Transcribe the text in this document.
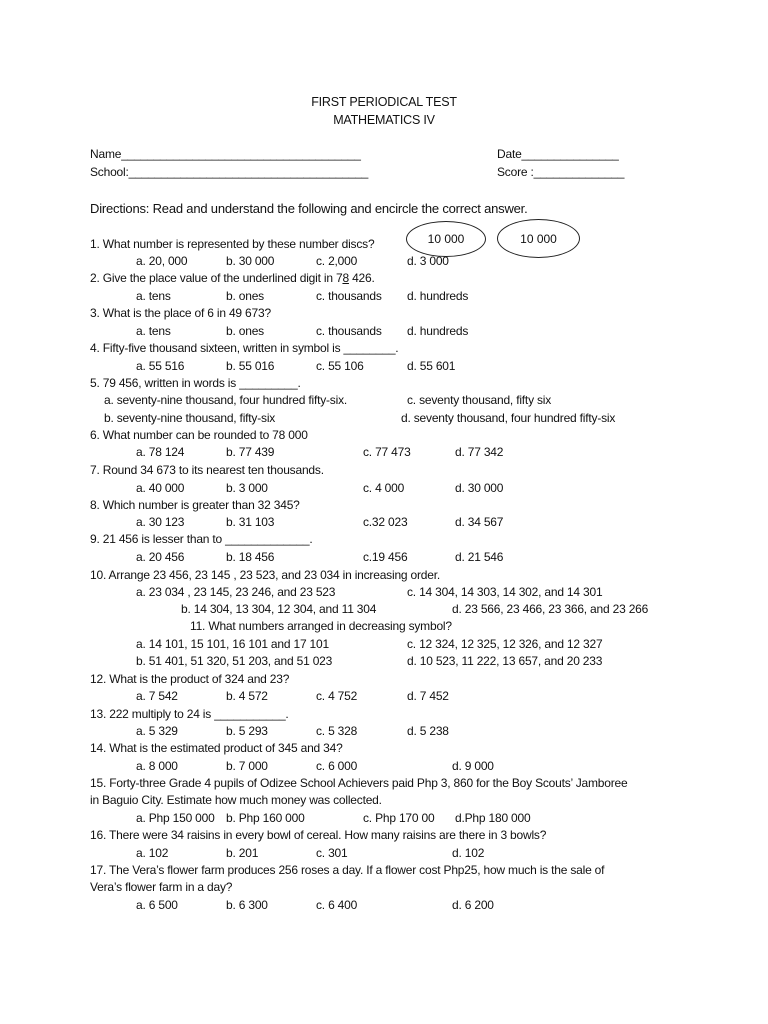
FIRST PERIODICAL TEST
MATHEMATICS IV
Name_____________________________________
School:_____________________________________
Date_______________
Score :______________
Directions: Read and understand the following and encircle the correct answer.
10 000	10 000
1. What number is represented by these number discs?
a. 20, 000	b. 30 000	c. 2,000	d. 3 000
2. Give the place value of the underlined digit in 78 426.
a. tens	b. ones	c. thousands d. hundreds
3. What is the place of 6 in 49 673?
a. tens	b. ones	c. thousands d. hundreds
4. Fifty-five thousand sixteen, written in symbol is ________.
a. 55 516	b. 55 016	c. 55 106	d. 55 601
5. 79 456, written in words is _________.
a. seventy-nine thousand, four hundred fifty-six.	c. seventy thousand, fifty six
b. seventy-nine thousand, fifty-six	d. seventy thousand, four hundred fifty-six
6. What number can be rounded to 78 000
a. 78 124	b. 77 439	c. 77 473	d. 77 342
7. Round 34 673 to its nearest ten thousands.
a. 40 000	b. 3 000	c. 4 000	d. 30 000
8. Which number is greater than 32 345?
a. 30 123	b. 31 103	c.32 023	d. 34 567
9. 21 456 is lesser than to _____________.
a. 20 456	b. 18 456	c.19 456	d. 21 546
10. Arrange 23 456, 23 145 , 23 523, and 23 034 in increasing order.
a. 23 034 , 23 145, 23 246, and 23 523	c. 14 304, 14 303, 14 302, and 14 301
b. 14 304, 13 304, 12 304, and 11 304	d. 23 566, 23 466, 23 366, and 23 266
11. What numbers arranged in decreasing symbol?
a. 14 101, 15 101, 16 101 and 17 101	c. 12 324, 12 325, 12 326, and 12 327
b. 51 401, 51 320, 51 203, and 51 023	d. 10 523, 11 222, 13 657, and 20 233
12. What is the product of 324 and 23?
a. 7 542	b. 4 572	c. 4 752	d. 7 452
13. 222 multiply to 24 is ___________.
a. 5 329	b. 5 293	c. 5 328	d. 5 238
14. What is the estimated product of 345 and 34?
a. 8 000	b. 7 000	c. 6 000	d. 9 000
15. Forty-three Grade 4 pupils of Odizee School Achievers paid Php 3, 860 for the Boy Scouts’ Jamboree
in Baguio City. Estimate how much money was collected.
a. Php 150 000 b. Php 160 000	c. Php 170 00 d.Php 180 000
16. There were 34 raisins in every bowl of cereal. How many raisins are there in 3 bowls?
a. 102	b. 201	c. 301	d. 102
17. The Vera’s flower farm produces 256 roses a day. If a flower cost Php25, how much is the sale of
Vera’s flower farm in a day?
a. 6 500	b. 6 300	c. 6 400	d. 6 200
